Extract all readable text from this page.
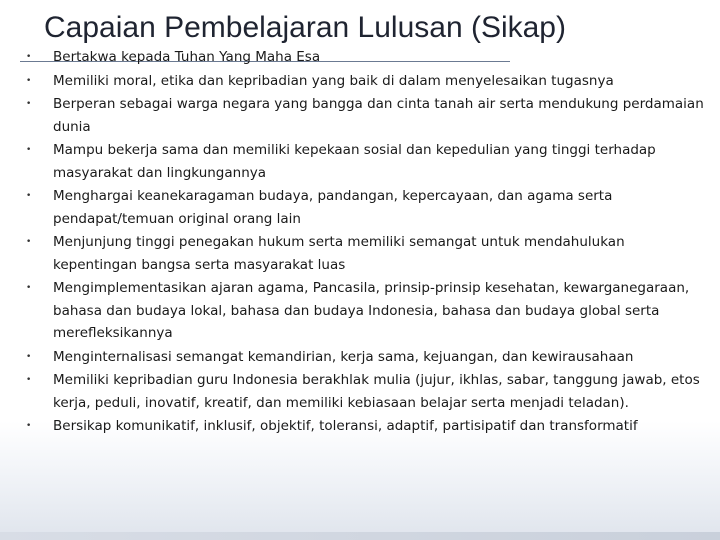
Capaian Pembelajaran Lulusan (Sikap)
• Bertakwa kepada Tuhan Yang Maha Esa
• Memiliki moral, etika dan kepribadian yang baik di dalam menyelesaikan tugasnya
• Berperan sebagai warga negara yang bangga dan cinta tanah air serta mendukung perdamaian dunia
• Mampu bekerja sama dan memiliki kepekaan sosial dan kepedulian yang tinggi terhadap masyarakat dan lingkungannya
• Menghargai keanekaragaman budaya, pandangan, kepercayaan, dan agama serta pendapat/temuan original orang lain
• Menjunjung tinggi penegakan hukum serta memiliki semangat untuk mendahulukan kepentingan bangsa serta masyarakat luas
• Mengimplementasikan ajaran agama, Pancasila, prinsip-prinsip kesehatan, kewarganegaraan, bahasa dan budaya lokal, bahasa dan budaya Indonesia, bahasa dan budaya global serta merefleksikannya
• Menginternalisasi semangat kemandirian, kerja sama, kejuangan, dan kewirausahaan
• Memiliki kepribadian guru Indonesia berakhlak mulia (jujur, ikhlas, sabar, tanggung jawab, etos kerja, peduli, inovatif, kreatif, dan memiliki kebiasaan belajar serta menjadi teladan).
• Bersikap komunikatif, inklusif, objektif, toleransi, adaptif, partisipatif dan transformatif
